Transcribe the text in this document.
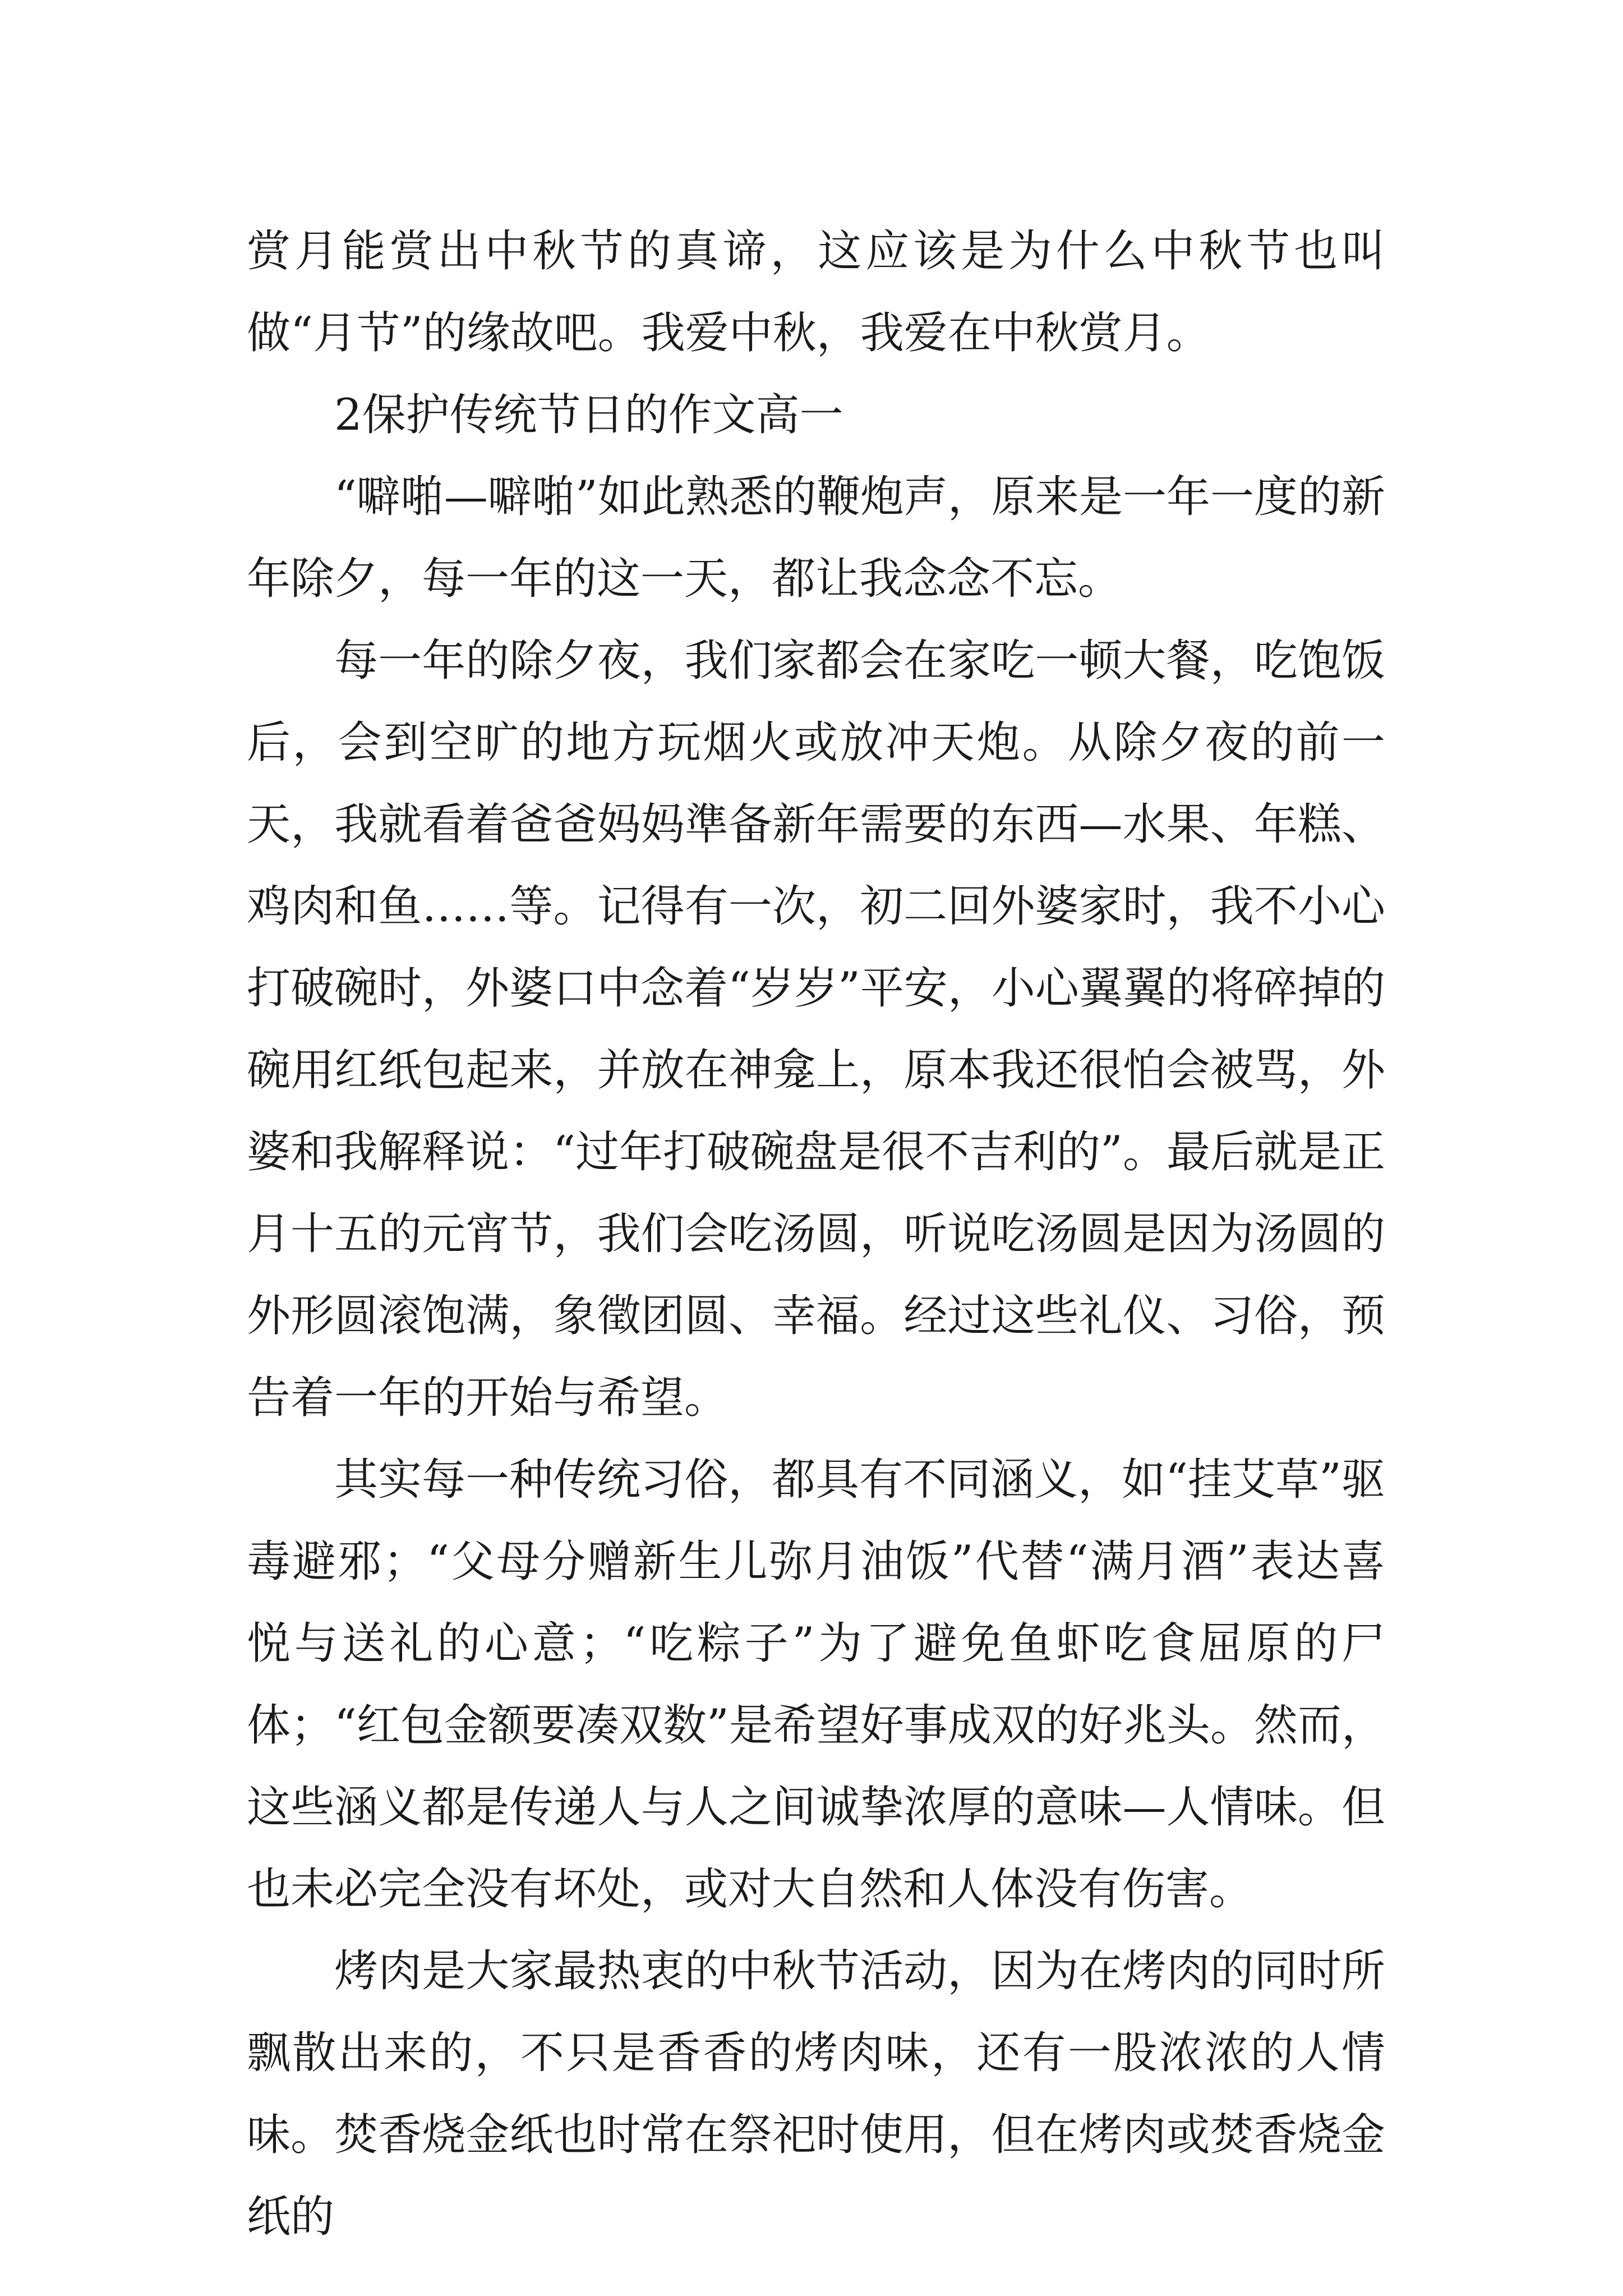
赏月能赏出中秋节的真谛，这应该是为什么中秋节也叫做“月节”的缘故吧。我爱中秋，我爱在中秋赏月。

2保护传统节日的作文高一

“噼啪—噼啪”如此熟悉的鞭炮声，原来是一年一度的新年除夕，每一年的这一天，都让我念念不忘。

每一年的除夕夜，我们家都会在家吃一顿大餐，吃饱饭后，会到空旷的地方玩烟火或放冲天炮。从除夕夜的前一天，我就看着爸爸妈妈準备新年需要的东西—水果、年糕、鸡肉和鱼……等。记得有一次，初二回外婆家时，我不小心打破碗时，外婆口中念着“岁岁”平安，小心翼翼的将碎掉的碗用红纸包起来，并放在神龛上，原本我还很怕会被骂，外婆和我解释说：“过年打破碗盘是很不吉利的”。最后就是正月十五的元宵节，我们会吃汤圆，听说吃汤圆是因为汤圆的外形圆滚饱满，象徵团圆、幸福。经过这些礼仪、习俗，预告着一年的开始与希望。

其实每一种传统习俗，都具有不同涵义，如“挂艾草”驱毒避邪；“父母分赠新生儿弥月油饭”代替“满月酒”表达喜悦与送礼的心意；“吃粽子”为了避免鱼虾吃食屈原的尸体；“红包金额要凑双数”是希望好事成双的好兆头。然而，这些涵义都是传递人与人之间诚挚浓厚的意味—人情味。但也未必完全没有坏处，或对大自然和人体没有伤害。

烤肉是大家最热衷的中秋节活动，因为在烤肉的同时所飘散出来的，不只是香香的烤肉味，还有一股浓浓的人情味。焚香烧金纸也时常在祭祀时使用，但在烤肉或焚香烧金纸的
